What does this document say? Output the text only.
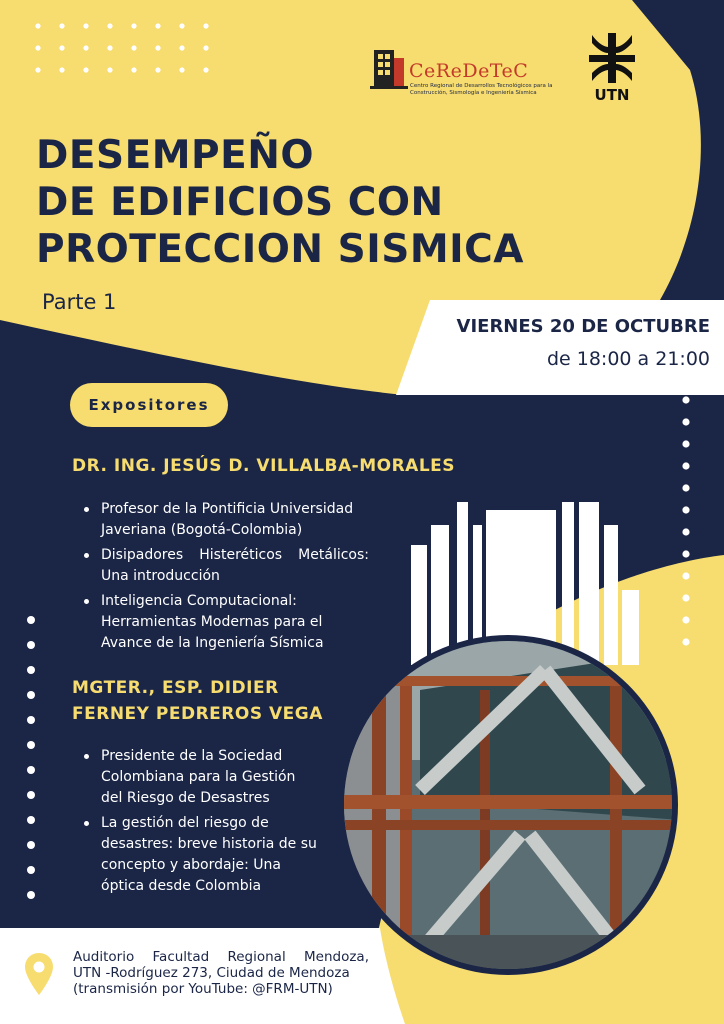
CeReDeTeC
Centro Regional de Desarrollos Tecnológicos para la Construcción, Sismología e Ingeniería Sísmica	UTN
DESEMPEÑO
DE EDIFICIOS CON
PROTECCION SISMICA
Parte 1
VIERNES 20 DE OCTUBRE
de 18:00 a 21:00
Expositores
DR. ING. JESÚS D. VILLALBA-MORALES
Profesor de la Pontificia Universidad
Javeriana (Bogotá-Colombia)
Disipadores Histeréticos Metálicos:
Una introducción
Inteligencia Computacional:
Herramientas Modernas para el
Avance de la Ingeniería Sísmica
MGTER., ESP. DIDIER
FERNEY PEDREROS VEGA
Presidente de la Sociedad
Colombiana para la Gestión
del Riesgo de Desastres
La gestión del riesgo de
desastres: breve historia de su
concepto y abordaje: Una
óptica desde Colombia
Auditorio Facultad Regional Mendoza,
UTN -Rodríguez 273, Ciudad de Mendoza
(transmisión por YouTube: @FRM-UTN)
